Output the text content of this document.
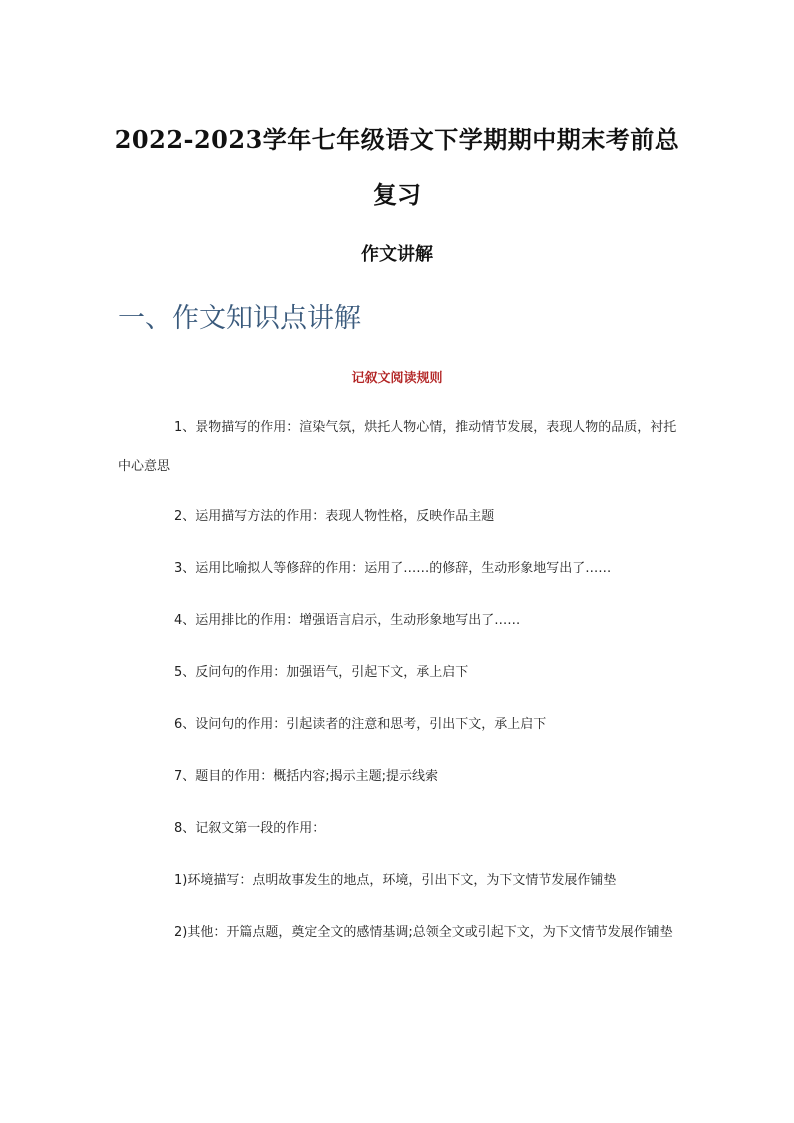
2022-2023学年七年级语文下学期期中期末考前总
复习
作文讲解
一、作文知识点讲解
记叙文阅读规则
1、景物描写的作用：渲染气氛，烘托人物心情，推动情节发展，表现人物的品质，衬托中心意思
2、运用描写方法的作用：表现人物性格，反映作品主题
3、运用比喻拟人等修辞的作用：运用了……的修辞，生动形象地写出了……
4、运用排比的作用：增强语言启示，生动形象地写出了……
5、反问句的作用：加强语气，引起下文，承上启下
6、设问句的作用：引起读者的注意和思考，引出下文，承上启下
7、题目的作用：概括内容;揭示主题;提示线索
8、记叙文第一段的作用：
1)环境描写：点明故事发生的地点，环境，引出下文，为下文情节发展作铺垫
2)其他：开篇点题，奠定全文的感情基调;总领全文或引起下文，为下文情节发展作铺垫
